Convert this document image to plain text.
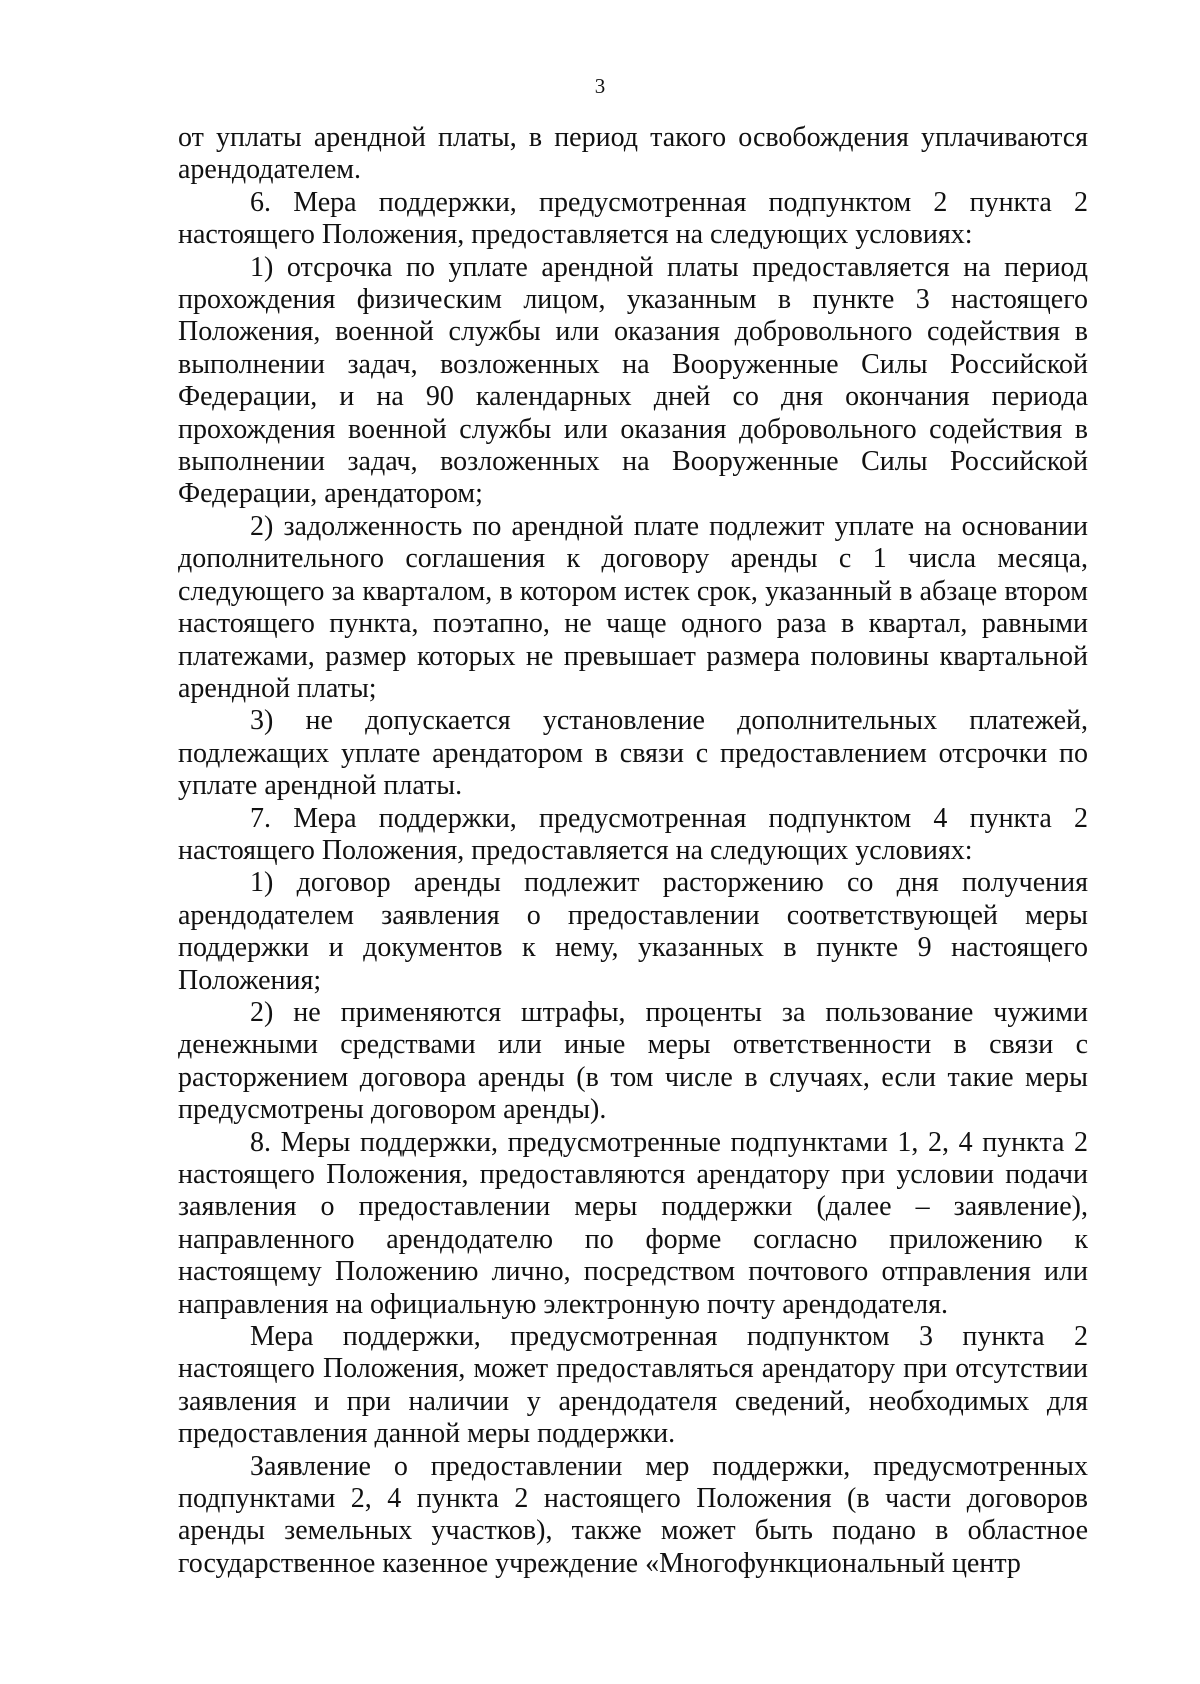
3

от уплаты арендной платы, в период такого освобождения уплачиваются арендодателем.

6. Мера поддержки, предусмотренная подпунктом 2 пункта 2 настоящего Положения, предоставляется на следующих условиях:

1) отсрочка по уплате арендной платы предоставляется на период прохождения физическим лицом, указанным в пункте 3 настоящего Положения, военной службы или оказания добровольного содействия в выполнении задач, возложенных на Вооруженные Силы Российской Федерации, и на 90 календарных дней со дня окончания периода прохождения военной службы или оказания добровольного содействия в выполнении задач, возложенных на Вооруженные Силы Российской Федерации, арендатором;

2) задолженность по арендной плате подлежит уплате на основании дополнительного соглашения к договору аренды с 1 числа месяца, следующего за кварталом, в котором истек срок, указанный в абзаце втором настоящего пункта, поэтапно, не чаще одного раза в квартал, равными платежами, размер которых не превышает размера половины квартальной арендной платы;

3) не допускается установление дополнительных платежей, подлежащих уплате арендатором в связи с предоставлением отсрочки по уплате арендной платы.

7. Мера поддержки, предусмотренная подпунктом 4 пункта 2 настоящего Положения, предоставляется на следующих условиях:

1) договор аренды подлежит расторжению со дня получения арендодателем заявления о предоставлении соответствующей меры поддержки и документов к нему, указанных в пункте 9 настоящего Положения;

2) не применяются штрафы, проценты за пользование чужими денежными средствами или иные меры ответственности в связи с расторжением договора аренды (в том числе в случаях, если такие меры предусмотрены договором аренды).

8. Меры поддержки, предусмотренные подпунктами 1, 2, 4 пункта 2 настоящего Положения, предоставляются арендатору при условии подачи заявления о предоставлении меры поддержки (далее – заявление), направленного арендодателю по форме согласно приложению к настоящему Положению лично, посредством почтового отправления или направления на официальную электронную почту арендодателя.

Мера поддержки, предусмотренная подпунктом 3 пункта 2 настоящего Положения, может предоставляться арендатору при отсутствии заявления и при наличии у арендодателя сведений, необходимых для предоставления данной меры поддержки.

Заявление о предоставлении мер поддержки, предусмотренных подпунктами 2, 4 пункта 2 настоящего Положения (в части договоров аренды земельных участков), также может быть подано в областное государственное казенное учреждение «Многофункциональный центр
